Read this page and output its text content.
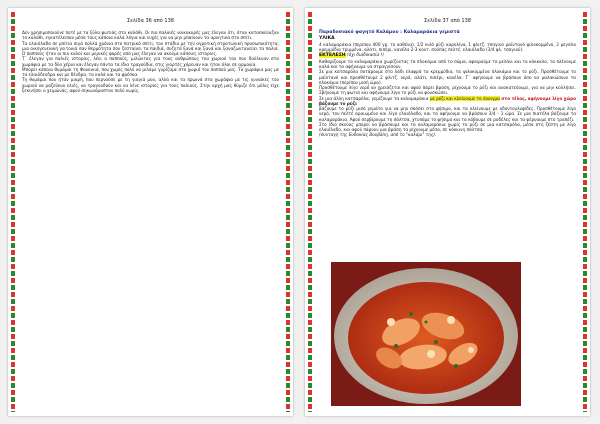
Σελίδα 36 από 138

Δεν χρησιμοποιούνε ποτέ με τα ξύλα φωτιάς στο καλάθι. Οι πιο παλαιές νοικοκυρές μας έλεγαν ότι, όταν κατασκεύαζαν το καλάθι, εγκατέλειπαν μέσα τους κάποια καλά λόγια και ευχές για να μην μπαίνουν τα αρνητικά στο σπίτι.

Τα ελαιόλαδα σε μπίτια σιγά πολλά χρόνια στο πατρικό σπίτι, τον στάδιο με την αγροτική στρατωνική προσωπικότητα, μια οικογενειακή γειτονιά σαν θερμότητα που ζεσταίνει τα παιδιά, συζητά ξανά και ξανά και ξαναζωντανεύει τα παλιά. Ο παππούς ήταν οι πιο καλοί και μερικές φορές από μας έλεγαν να ακούμε κάποιες ιστορίες.

Τ΄ έλεγαν για παλιές ιστορίες, λέει ο παππούς, μιλώντας για τους ανθρώπους του χωριού του που δούλευαν στα χωράφια με τα δύο χέρια και έλεγαν πάντα τα ίδια τραγούδια, στις γιορτές χόρευαν και ήταν όλοι σε αρμονία.

Μπορεί κάποια θυμάμαι τη Φουκικιά, που χωρίς πολύ να μιλάμε γυρίζαμε στο χωριό του παππού μας. Τα χωράφια μας με τα ελαιόδενδρα και με δένδρα, τα καλά και τα φρέσκα.

Τη θυμάμαι που ήταν μικρή, που περνούσε με τη γιαγιά μου, αλλά και τα πρωινά στα χωράφια με τις γυναίκες του χωριού να μαζεύουν ελιές, να τραγουδούν και να λένε ιστορίες για τους παλιούς. Στην αρχή μας θύμιζε ότι μόλις είχε ξεκινήσει ο χειμώνας, αφού σηκωνόμασταν πολύ νωρίς.

Σελίδα 37 από 138
Παραδοσιακό φαγητό Καλάμου : Καλαμαράκια γεμιστά
ΥΛΙΚΑ

4 καλαμαράκια (περίπου 400 γρ. το καθένα), 1/2 κιλό ρύζι καρολίνα, 1 φλιτζ. τσαγιού μαϊντανό ψιλοκομμένο, 2 μεγάλα κρεμμύδια τριμμένα, αλάτι, πιπέρι, κανέλα 2-3 κουτ. σούπας πελτέ, ελαιόλαδο (3/4 φλ. τσαγιού).

ΕΚΤΕΛΕΣΗ (όχι διαδικασία !)

Καθαρίζουμε τα καλαμαράκια χωρίζοντας τα πλοκάμια από το σώμα, αφαιρούμε το μελάνι και το κόκκαλο, τα πλένουμε καλά και τα αφήνουμε να στραγγίσουν.

Σε μια κατσαρόλα σοτάρουμε στο λάδι ελαφρά τα κρεμμύδια, τα ψιλοκομμένα πλοκάμια και το ρύζι. Προσθέτουμε το μαϊντανό και προσθέτουμε 2 φλιτζ. νερό, αλάτι, πιπέρι, κανέλα. Τ΄ αφήνουμε να βράσουν όσο να μαλακώσουν τα πλοκάμια (περίπου μισή ώρα).

Προσθέτουμε λίγο νερό αν χρειάζεται και αφού πάρει βράση, ρίχνουμε το ρύζι και ανακατεύουμε, για να μην κολλήσει. Σβήνουμε τη φωτιά και αφήνουμε λίγο το ρύζι να φουσκώσει.

Σε μια άλλη κατσαρόλα, γεμίζουμε τα καλαμαράκια με ρύζι και κλείνουμε το άνοιγμα στο τέλος, αφήνουμε λίγο χώρο βάζουμε το ρύζι

βάζουμε το ρύζι μισό γεμάτο για να μην σκάσει στο ψήσιμο, και τα κλείνουμε με οδοντογλυφίδες. Προσθέτουμε λίγο νερό, τον πελτέ αραιωμένο και λίγο ελαιόλαδο, και τα αφήνουμε να βράσουν 3/4 - 1 ώρα. Σε μια πιατέλα βάζουμε τα καλαμαράκια. Αφού σερβίρουμε τη σάλτσα, χτυπάμε το ψήσιμο και τα κόβουμε σε ροδέλες και τα φέρνουμε στο τραπέζι.

Στο ίδιο σκεύος μπορεί να βράσουμε και τα καλαμαράκια χωρίς το ρύζι σε μια κατσαρόλα, μέσα στη ζέστη με λίγο ελαιόλαδο, και αφού πάρουν μια βράση τα ρίχνουμε μέσα, σε κόκκινη σάλτσα.

(συνταγή της Ευδοκίας Βουβάλη, από το "καλάμι" της).
